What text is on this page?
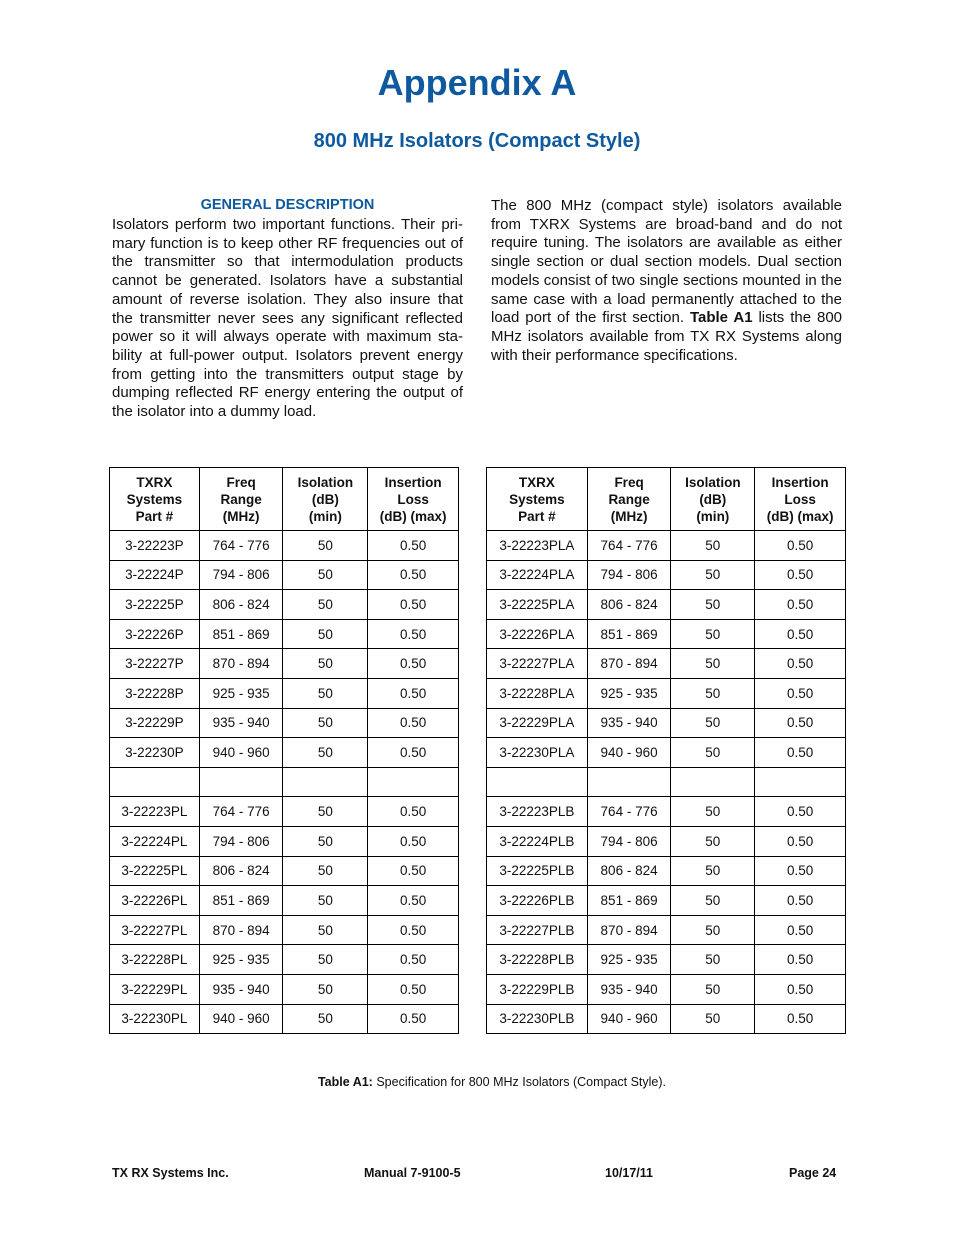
Appendix A
800 MHz Isolators (Compact Style)
GENERAL DESCRIPTION

Isolators perform two important functions. Their pri-mary function is to keep other RF frequencies out of the transmitter so that intermodulation products cannot be generated. Isolators have a substantial amount of reverse isolation. They also insure that the transmitter never sees any significant reflected power so it will always operate with maximum sta-bility at full-power output. Isolators prevent energy from getting into the transmitters output stage by dumping reflected RF energy entering the output of the isolator into a dummy load.

The 800 MHz (compact style) isolators available from TXRX Systems are broad-band and do not require tuning. The isolators are available as either single section or dual section models. Dual section models consist of two single sections mounted in the same case with a load permanently attached to the load port of the first section. Table A1 lists the 800 MHz isolators available from TX RX Systems along with their performance specifications.

TXRX
Systems
Part #	Freq
Range
(MHz)	Isolation
(dB)
(min)	Insertion
Loss
(dB) (max)
3-22223P	764 - 776	50	0.50
3-22224P	794 - 806	50	0.50
3-22225P	806 - 824	50	0.50
3-22226P	851 - 869	50	0.50
3-22227P	870 - 894	50	0.50
3-22228P	925 - 935	50	0.50
3-22229P	935 - 940	50	0.50
3-22230P	940 - 960	50	0.50

3-22223PL	764 - 776	50	0.50
3-22224PL	794 - 806	50	0.50
3-22225PL	806 - 824	50	0.50
3-22226PL	851 - 869	50	0.50
3-22227PL	870 - 894	50	0.50
3-22228PL	925 - 935	50	0.50
3-22229PL	935 - 940	50	0.50
3-22230PL	940 - 960	50	0.50
TXRX
Systems
Part #	Freq
Range
(MHz)	Isolation
(dB)
(min)	Insertion
Loss
(dB) (max)
3-22223PLA	764 - 776	50	0.50
3-22224PLA	794 - 806	50	0.50
3-22225PLA	806 - 824	50	0.50
3-22226PLA	851 - 869	50	0.50
3-22227PLA	870 - 894	50	0.50
3-22228PLA	925 - 935	50	0.50
3-22229PLA	935 - 940	50	0.50
3-22230PLA	940 - 960	50	0.50

3-22223PLB	764 - 776	50	0.50
3-22224PLB	794 - 806	50	0.50
3-22225PLB	806 - 824	50	0.50
3-22226PLB	851 - 869	50	0.50
3-22227PLB	870 - 894	50	0.50
3-22228PLB	925 - 935	50	0.50
3-22229PLB	935 - 940	50	0.50
3-22230PLB	940 - 960	50	0.50
Table A1: Specification for 800 MHz Isolators (Compact Style).
TX RX Systems Inc.	Manual 7-9100-5	10/17/11	Page 24
